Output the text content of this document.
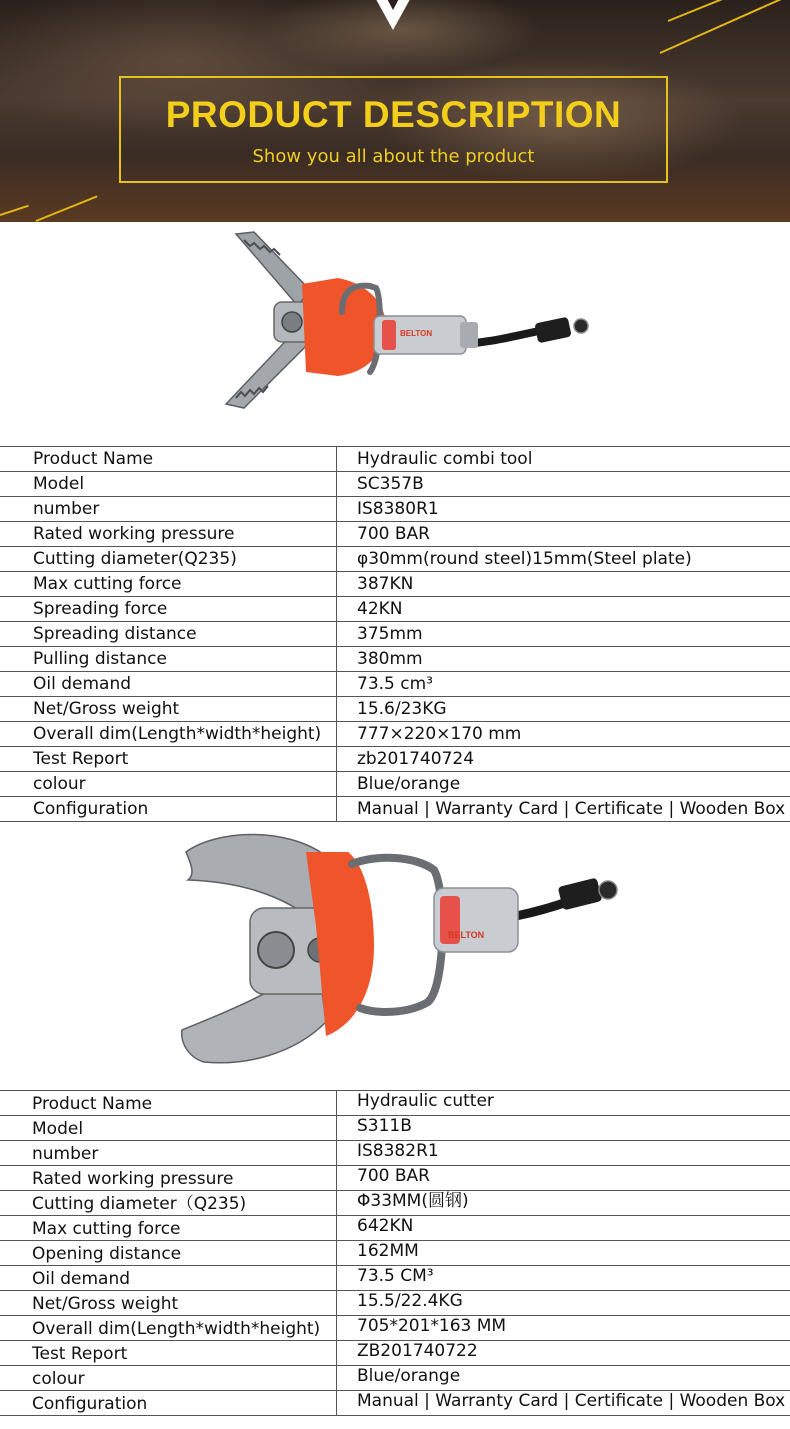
PRODUCT DESCRIPTION
Show you all about the product
BELTON
Product Name	Hydraulic combi tool
Model	SC357B
number	IS8380R1
Rated working pressure	700 BAR
Cutting diameter(Q235)	φ30mm(round steel)15mm(Steel plate)
Max cutting force	387KN
Spreading force	42KN
Spreading distance	375mm
Pulling distance	380mm
Oil demand	73.5 cm³
Net/Gross weight	15.6/23KG
Overall dim(Length*width*height) 777×220×170 mm
Test Report	zb201740724
colour	Blue/orange
Configuration	Manual | Warranty Card | Certificate | Wooden Box
BELTON
Product Name	Hydraulic cutter
Model	S311B
number	IS8382R1
Rated working pressure	700 BAR
Cutting diameter（Q235)	Φ33MM(圆钢)
Max cutting force	642KN
Opening distance	162MM
Oil demand	73.5 CM³
Net/Gross weight	15.5/22.4KG
Overall dim(Length*width*height) 705*201*163 MM
Test Report	ZB201740722
colour	Blue/orange
Configuration	Manual | Warranty Card | Certificate | Wooden Box
